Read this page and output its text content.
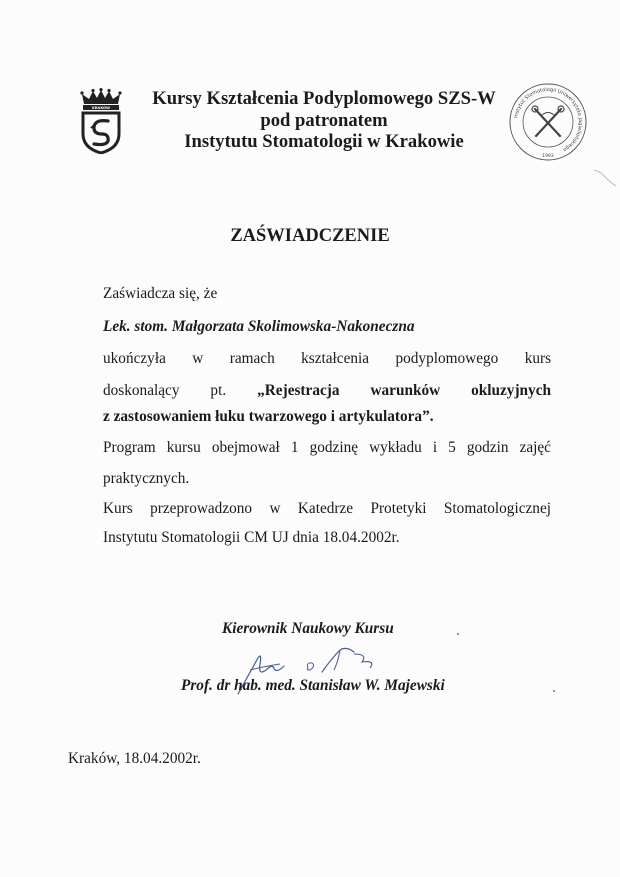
KRAKÓW	Kursy Kształcenia Podyplomowego SZS-W
pod patronatem
Instytutu Stomatologii w Krakowie
Instytut Stomatologii Uniwersytetu Jagiellońskiego
1993
ZAŚWIADCZENIE
Zaświadcza się, że
Lek. stom. Małgorzata Skolimowska-Nakoneczna
ukończyła w ramach kształcenia podyplomowego kurs
doskonalący pt. „Rejestracja warunków okluzyjnych
z zastosowaniem łuku twarzowego i artykulatora”.
Program kursu obejmował 1 godzinę wykładu i 5 godzin zajęć
praktycznych.
Kurs przeprowadzono w Katedrze Protetyki Stomatologicznej
Instytutu Stomatologii CM UJ dnia 18.04.2002r.
Kierownik Naukowy Kursu
Prof. dr hab. med. Stanisław W. Majewski
Kraków, 18.04.2002r.
